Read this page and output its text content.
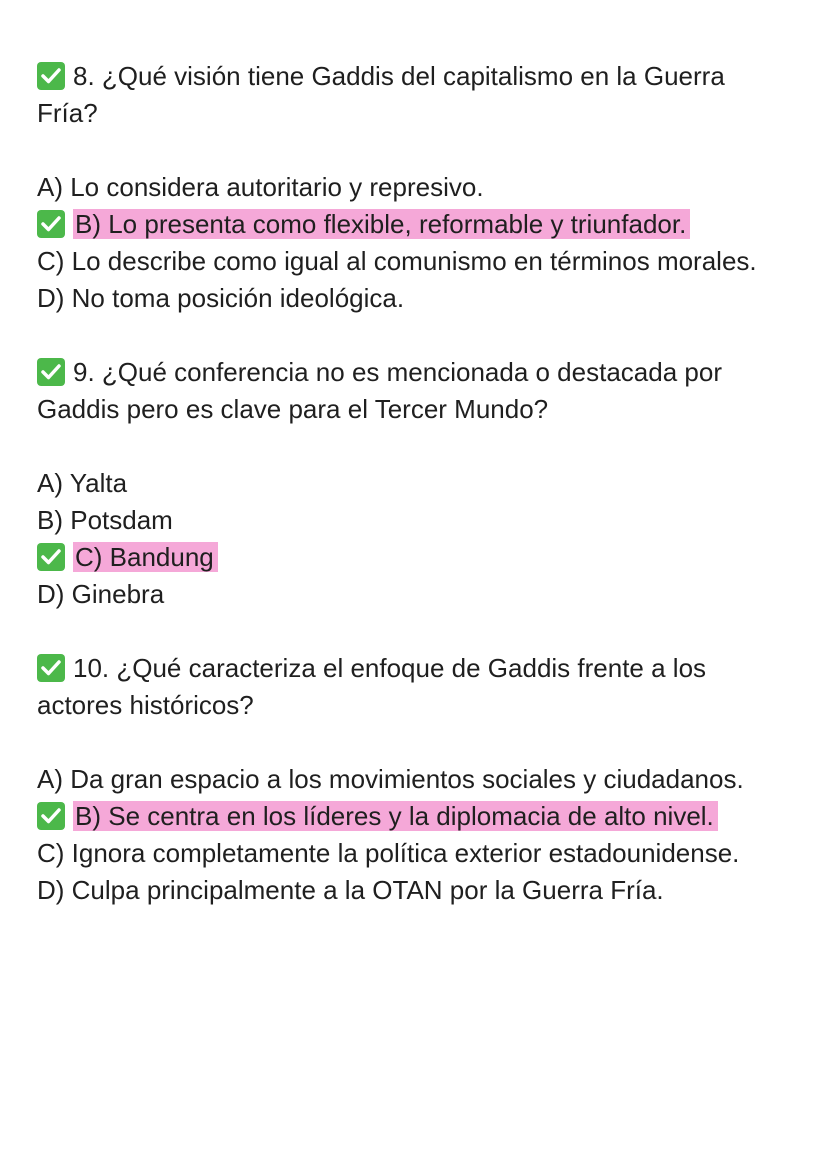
8. ¿Qué visión tiene Gaddis del capitalismo en la Guerra Fría?

A) Lo considera autoritario y represivo.

B) Lo presenta como flexible, reformable y triunfador.

C) Lo describe como igual al comunismo en términos morales.

D) No toma posición ideológica.

9. ¿Qué conferencia no es mencionada o destacada por Gaddis pero es clave para el Tercer Mundo?

A) Yalta

B) Potsdam

C) Bandung

D) Ginebra

10. ¿Qué caracteriza el enfoque de Gaddis frente a los actores históricos?

A) Da gran espacio a los movimientos sociales y ciudadanos.

B) Se centra en los líderes y la diplomacia de alto nivel.

C) Ignora completamente la política exterior estadounidense.

D) Culpa principalmente a la OTAN por la Guerra Fría.
